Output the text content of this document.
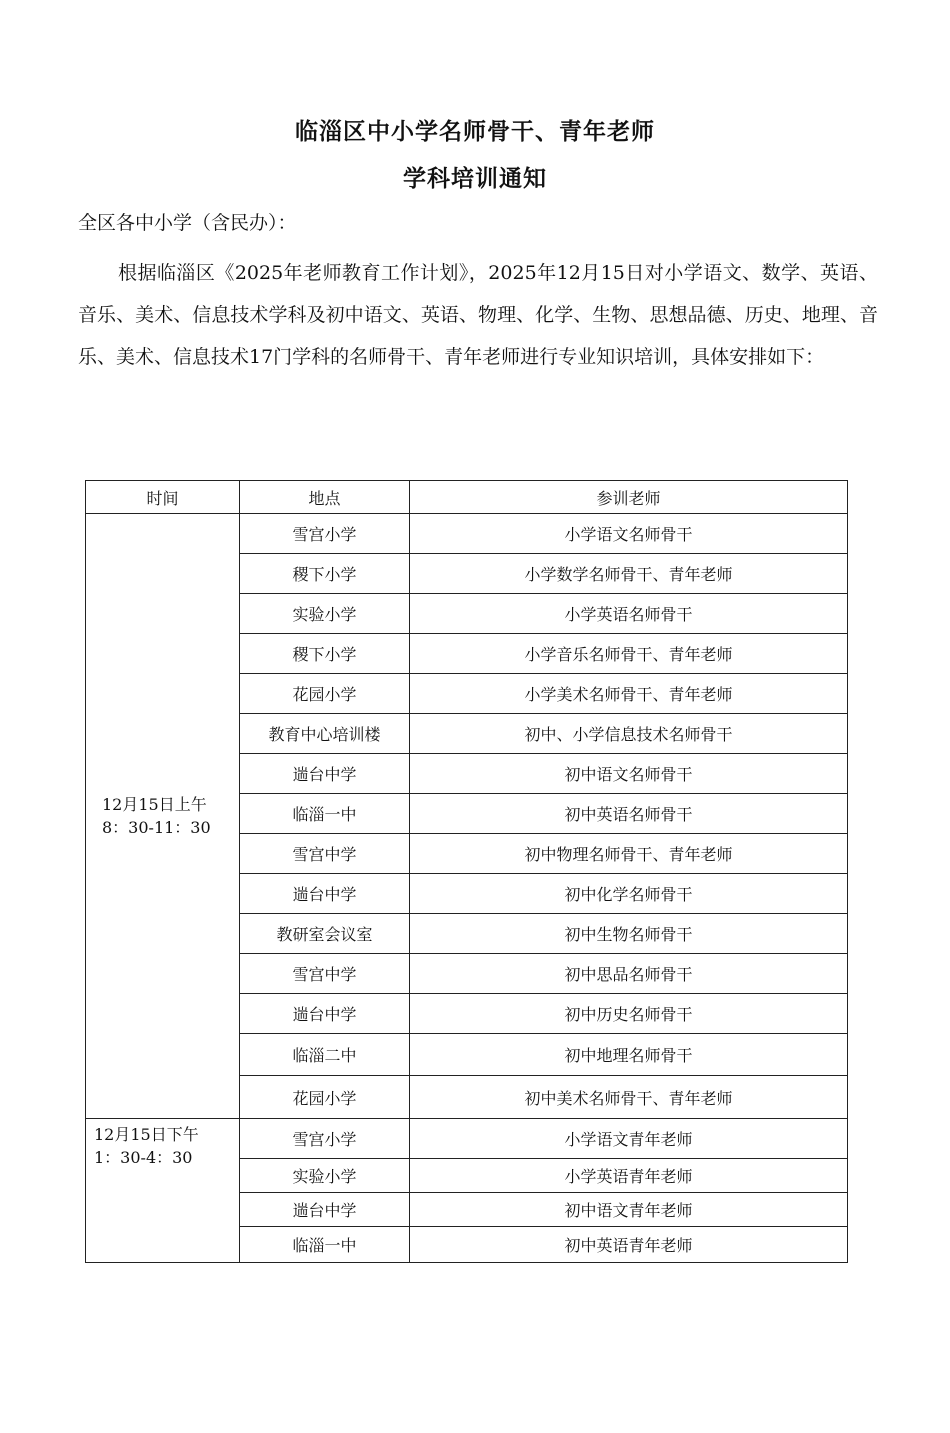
临淄区中小学名师骨干、青年老师
学科培训通知
全区各中小学（含民办）：
根据临淄区《2025年老师教育工作计划》，2025年12月15日对小学语文、数学、英语、音乐、美术、信息技术学科及初中语文、英语、物理、化学、生物、思想品德、历史、地理、音乐、美术、信息技术17门学科的名师骨干、青年老师进行专业知识培训，具体安排如下：
时间	地点	参训老师

12月15日上午
8：30-11：30	雪宫小学	小学语文名师骨干
	稷下小学	小学数学名师骨干、青年老师
	实验小学	小学英语名师骨干
	稷下小学	小学音乐名师骨干、青年老师
	花园小学	小学美术名师骨干、青年老师
	教育中心培训楼	初中、小学信息技术名师骨干
	遄台中学	初中语文名师骨干
	临淄一中	初中英语名师骨干
	雪宫中学	初中物理名师骨干、青年老师
	遄台中学	初中化学名师骨干
	教研室会议室	初中生物名师骨干
	雪宫中学	初中思品名师骨干
	遄台中学	初中历史名师骨干
	临淄二中	初中地理名师骨干
	花园小学	初中美术名师骨干、青年老师

12月15日下午
1：30-4：30	雪宫小学	小学语文青年老师
	实验小学	小学英语青年老师
	遄台中学	初中语文青年老师
	临淄一中	初中英语青年老师
